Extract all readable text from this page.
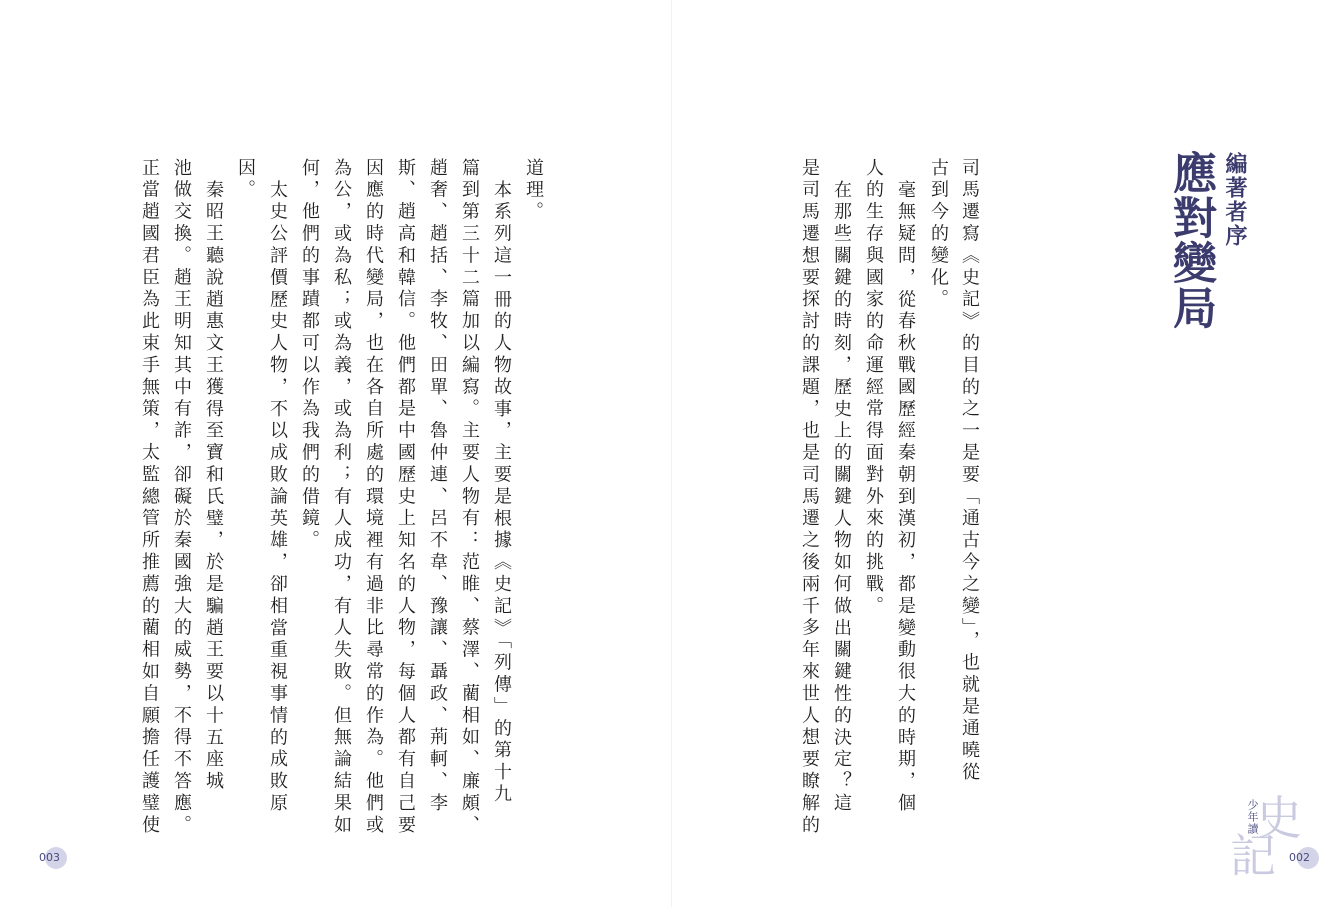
編著者序
應對變局
司馬遷寫《史記》的目的之一是要「通古今之變」，也就是通曉從
古到今的變化。
毫無疑問，從春秋戰國歷經秦朝到漢初，都是變動很大的時期，個
人的生存與國家的命運經常得面對外來的挑戰。
在那些關鍵的時刻，歷史上的關鍵人物如何做出關鍵性的決定？這
是司馬遷想要探討的課題，也是司馬遷之後兩千多年來世人想要瞭解的	史
記
少年讀
002
道理。
本系列這一冊的人物故事，主要是根據《史記》「列傳」的第十九
篇到第三十二篇加以編寫。主要人物有：范睢、蔡澤、藺相如、廉頗、
趙奢、趙括、李牧、田單、魯仲連、呂不韋、豫讓、聶政、荊軻、李
斯、趙高和韓信。他們都是中國歷史上知名的人物，每個人都有自己要
因應的時代變局，也在各自所處的環境裡有過非比尋常的作為。他們或
為公，或為私；或為義，或為利；有人成功，有人失敗。但無論結果如
何，他們的事蹟都可以作為我們的借鏡。
太史公評價歷史人物，不以成敗論英雄，卻相當重視事情的成敗原
因。
秦昭王聽說趙惠文王獲得至寶和氏璧，於是騙趙王要以十五座城
池做交換。趙王明知其中有詐，卻礙於秦國強大的威勢，不得不答應。
正當趙國君臣為此束手無策，太監總管所推薦的藺相如自願擔任護璧使
003
